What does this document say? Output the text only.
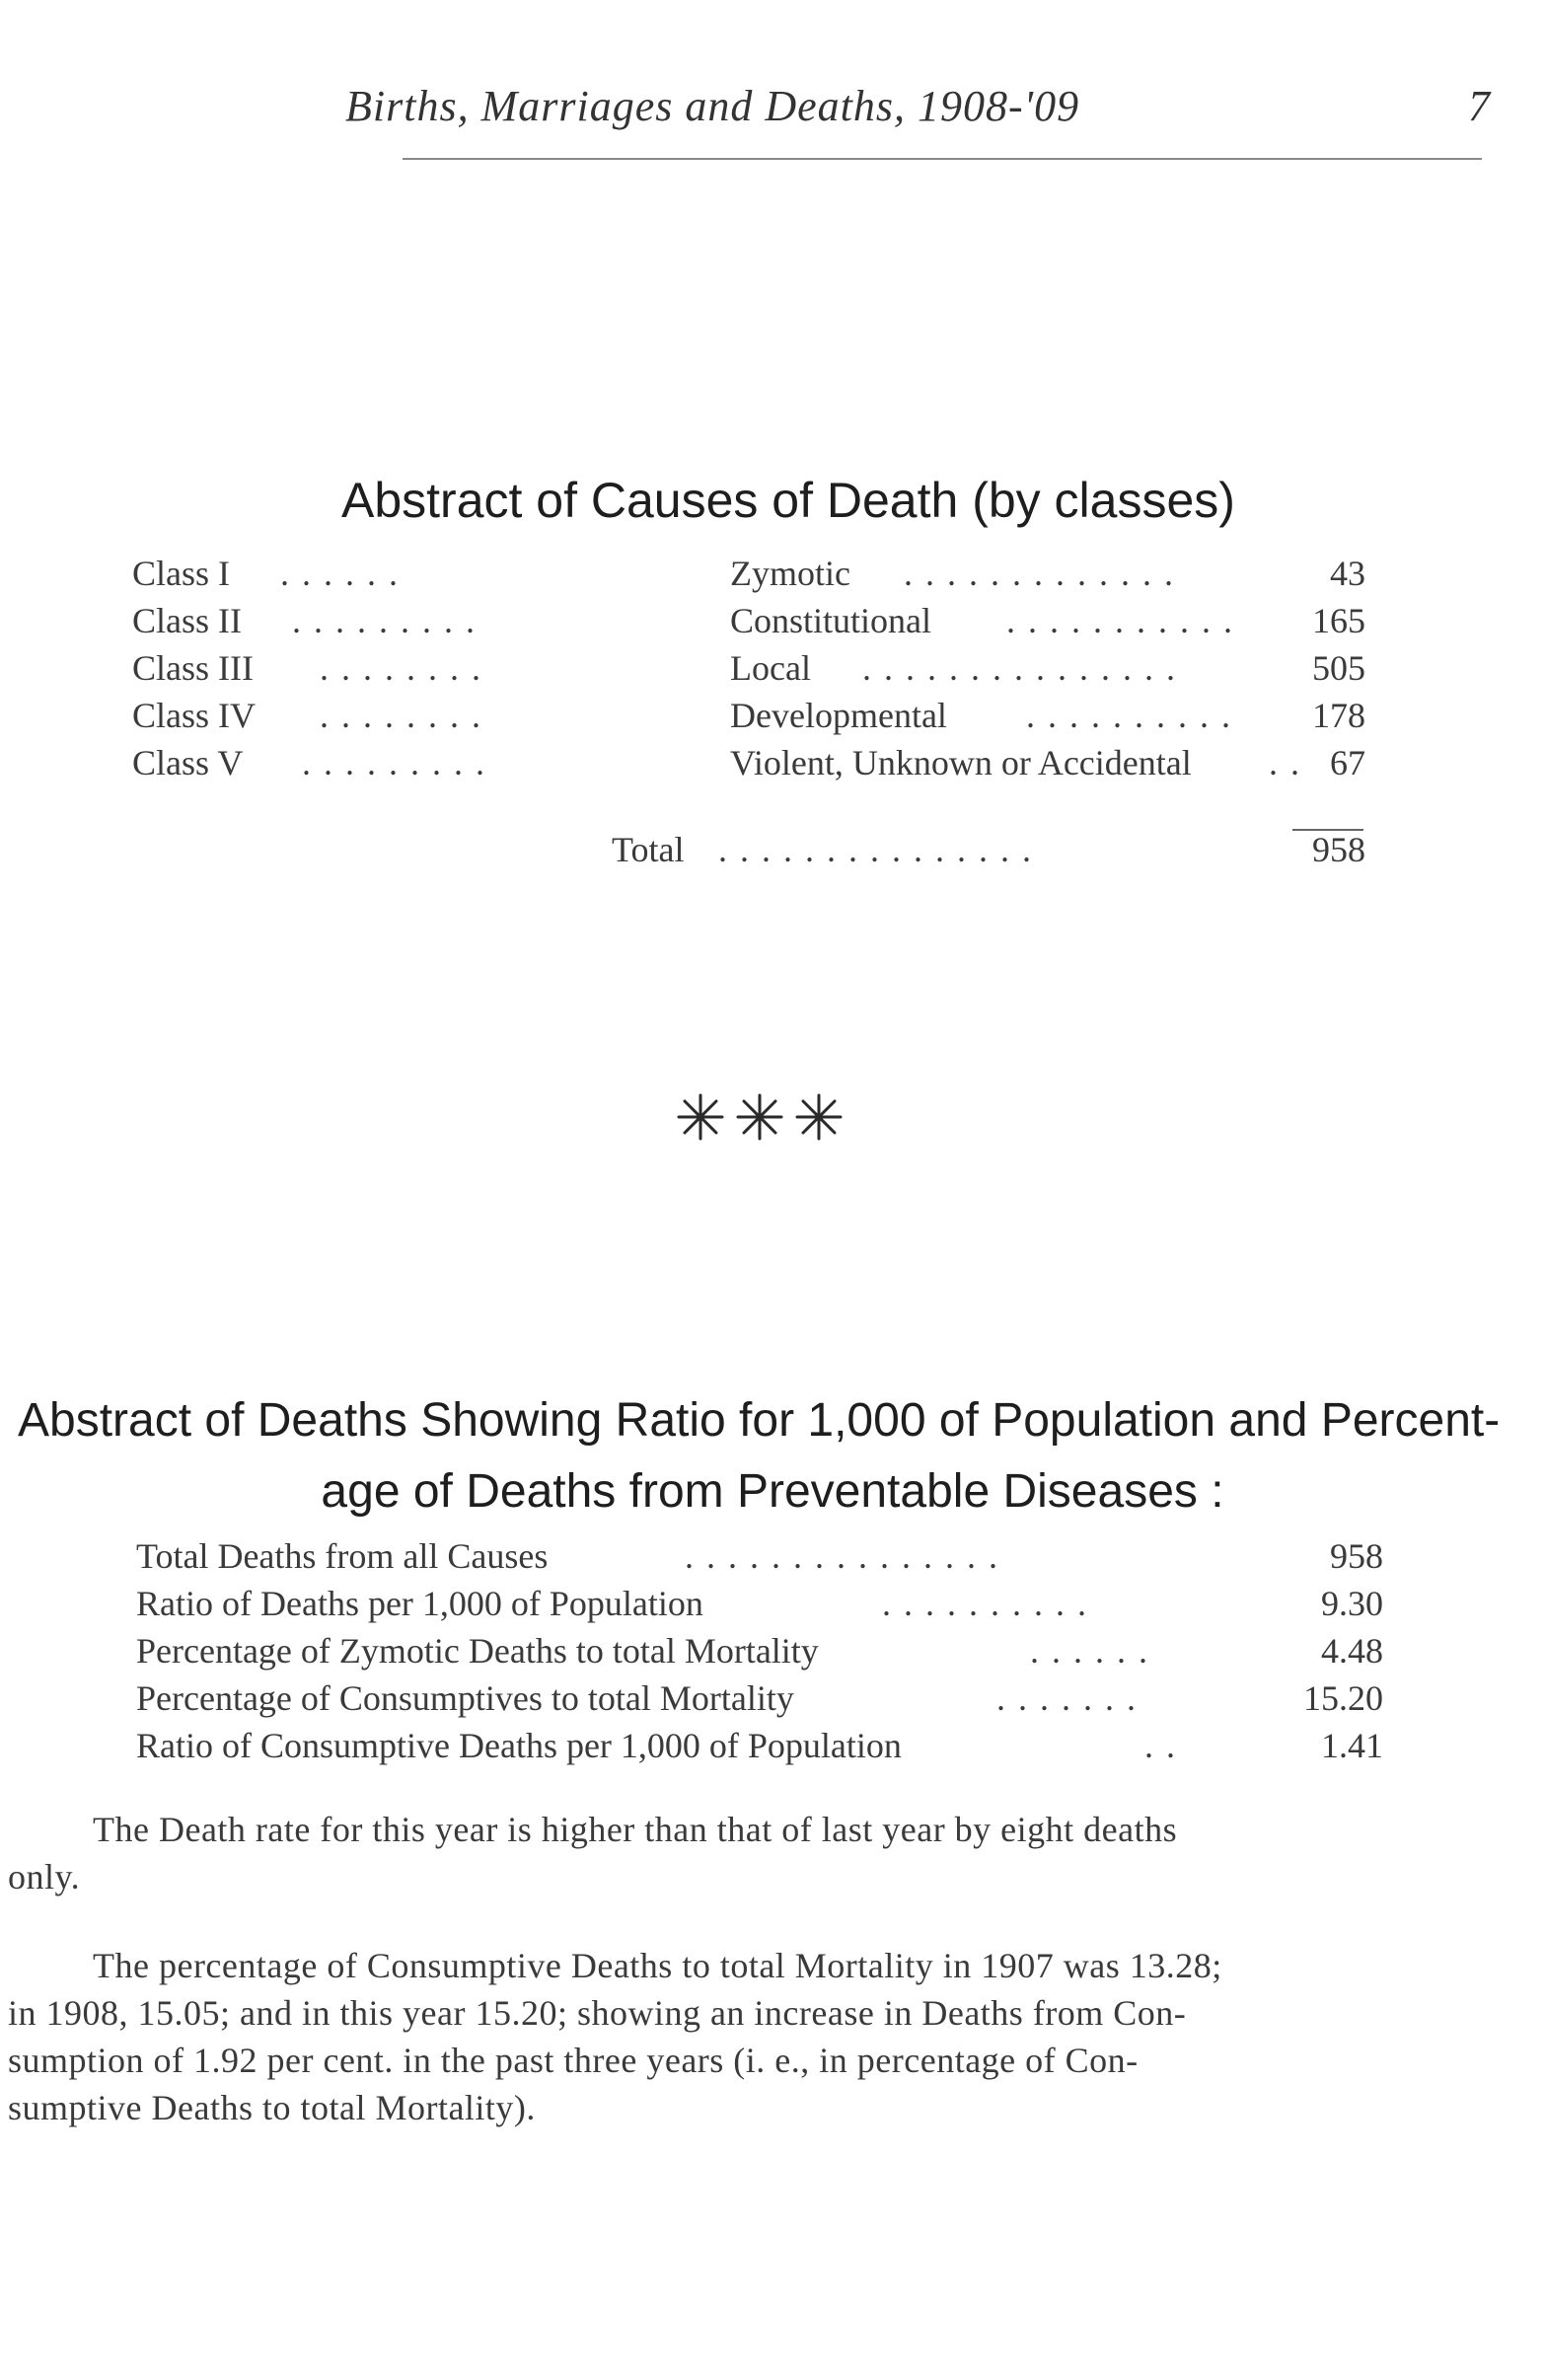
Births, Marriages and Deaths, 1908-'09	7
Abstract of Causes of Death (by classes)
Class I . . . . . .	Zymotic . . . . . . . . . . . . .	43
Class II . . . . . . . . .	Constitutional . . . . . . . . . . . 165
Class III . . . . . . . .	Local . . . . . . . . . . . . . . .	505
Class IV . . . . . . . .	Developmental . . . . . . . . . . 178
Class V . . . . . . . . .	Violent, Unknown or Accidental . . 67
Total . . . . . . . . . . . . . . .	958
Abstract of Deaths Showing Ratio for 1,000 of Population and Percent-
age of Deaths from Preventable Diseases :
Total Deaths from all Causes	. . . . . . . . . . . . . . .	958
Ratio of Deaths per 1,000 of Population	. . . . . . . . . .	9.30
Percentage of Zymotic Deaths to total Mortality	. . . . . .	4.48
Percentage of Consumptives to total Mortality	. . . . . . .	15.20
Ratio of Consumptive Deaths per 1,000 of Population	. .	1.41
The Death rate for this year is higher than that of last year by eight deaths
only.
The percentage of Consumptive Deaths to total Mortality in 1907 was 13.28;
in 1908, 15.05; and in this year 15.20; showing an increase in Deaths from Con-
sumption of 1.92 per cent. in the past three years (i. e., in percentage of Con-
sumptive Deaths to total Mortality).
